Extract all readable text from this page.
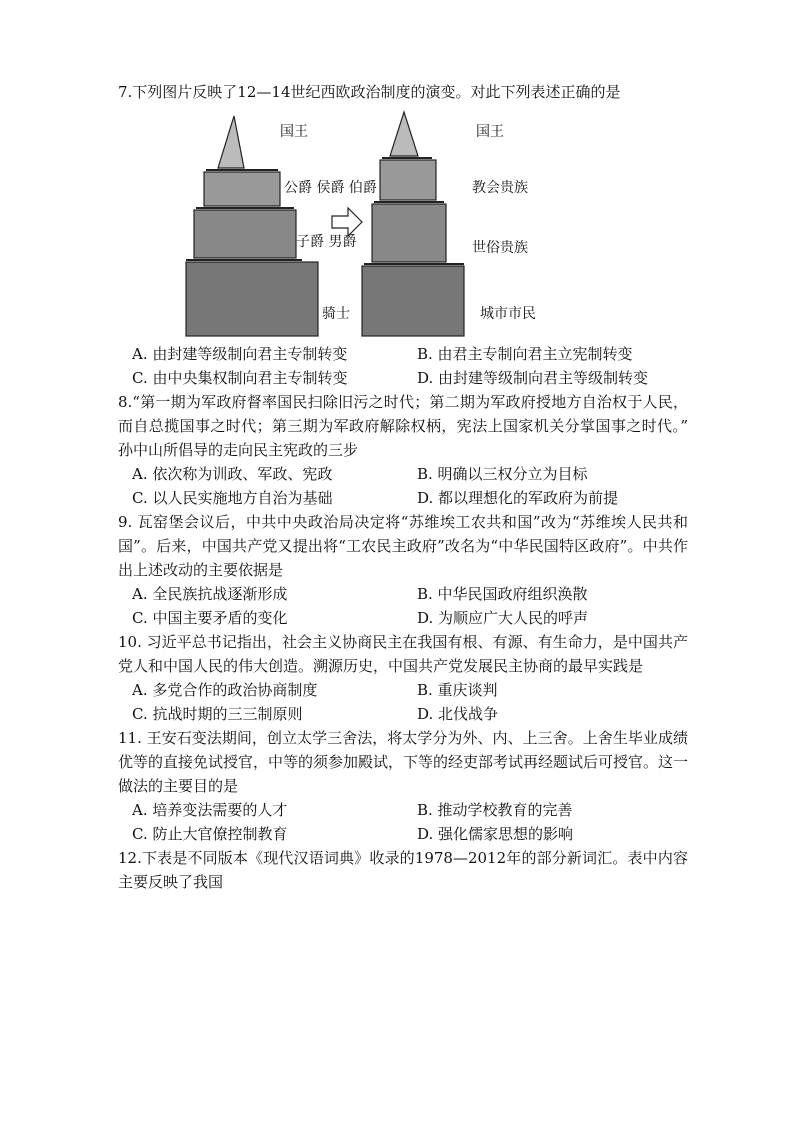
7.下列图片反映了12—14世纪西欧政治制度的演变。对此下列表述正确的是
国王
公爵 侯爵 伯爵
子爵 男爵
骑士
国王
教会贵族
世俗贵族
城市市民
A. 由封建等级制向君主专制转变	B. 由君主专制向君主立宪制转变
C. 由中央集权制向君主专制转变	D. 由封建等级制向君主等级制转变
8.“第一期为军政府督率国民扫除旧污之时代；第二期为军政府授地方自治权于人民，而自总揽国事之时代；第三期为军政府解除权柄，宪法上国家机关分掌国事之时代。” 孙中山所倡导的走向民主宪政的三步
A. 依次称为训政、军政、宪政	B. 明确以三权分立为目标
C. 以人民实施地方自治为基础	D. 都以理想化的军政府为前提
9. 瓦窑堡会议后，中共中央政治局决定将“苏维埃工农共和国”改为“苏维埃人民共和国”。后来，中国共产党又提出将“工农民主政府”改名为“中华民国特区政府”。中共作出上述改动的主要依据是
A. 全民族抗战逐渐形成	B. 中华民国政府组织涣散
C. 中国主要矛盾的变化	D. 为顺应广大人民的呼声
10. 习近平总书记指出，社会主义协商民主在我国有根、有源、有生命力，是中国共产党人和中国人民的伟大创造。溯源历史，中国共产党发展民主协商的最早实践是
A. 多党合作的政治协商制度	B. 重庆谈判
C. 抗战时期的三三制原则	D. 北伐战争
11. 王安石变法期间，创立太学三舍法，将太学分为外、内、上三舍。上舍生毕业成绩优等的直接免试授官，中等的须参加殿试，下等的经吏部考试再经题试后可授官。这一做法的主要目的是
A. 培养变法需要的人才	B. 推动学校教育的完善
C. 防止大官僚控制教育	D. 强化儒家思想的影响
12.下表是不同版本《现代汉语词典》收录的1978—2012年的部分新词汇。表中内容主要反映了我国
